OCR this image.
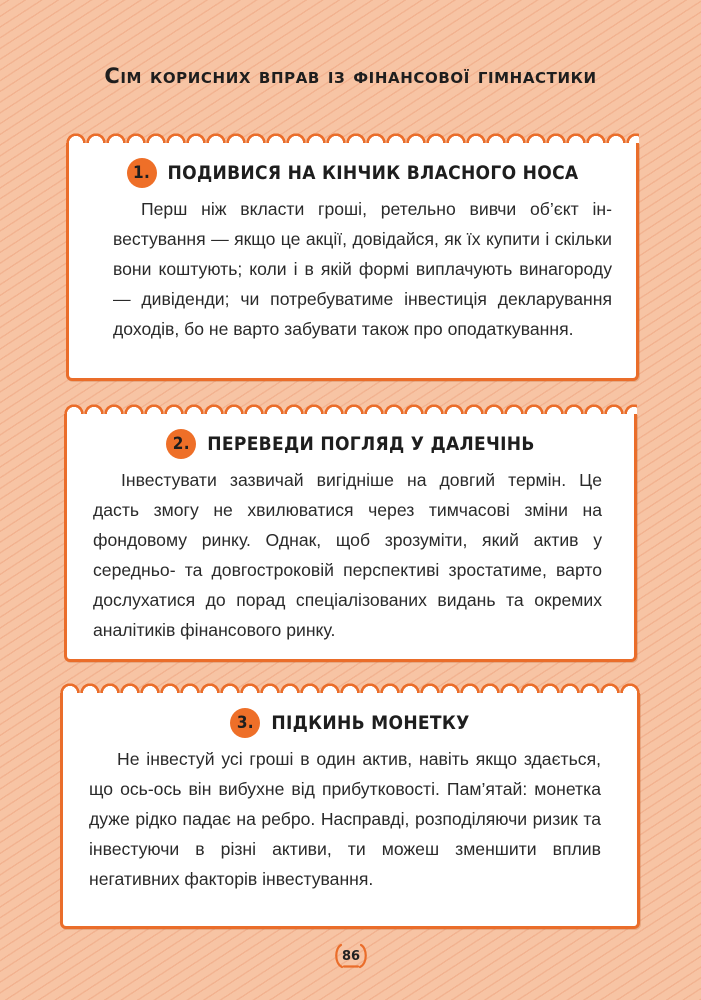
Сім корисних вправ із фінансової гімнастики
1. ПОДИВИСЯ НА КІНЧИК ВЛАСНОГО НОСА

Перш ніж вкласти гроші, ретельно вивчи об’єкт інвестування — якщо це акції, довідайся, як їх купити і скільки вони коштують; коли і в якій формі виплачують винагороду — дивіденди; чи потребуватиме інвестиція декларування доходів, бо не варто забувати також про оподаткування.

2. ПЕРЕВЕДИ ПОГЛЯД У ДАЛЕЧІНЬ

Інвестувати зазвичай вигідніше на довгий термін. Це дасть змогу не хвилюватися через тимчасові зміни на фондовому ринку. Однак, щоб зрозуміти, який актив у середньо- та довгостроковій перспективі зростатиме, варто дослухатися до порад спеціалізованих видань та окремих аналітиків фінансового ринку.

3. ПІДКИНЬ МОНЕТКУ

Не інвестуй усі гроші в один актив, навіть якщо здається, що ось-ось він вибухне від прибутковості. Пам’ятай: монетка дуже рідко падає на ребро. Насправді, розподіляючи ризик та інвестуючи в різні активи, ти можеш зменшити вплив негативних факторів інвестування.

86
